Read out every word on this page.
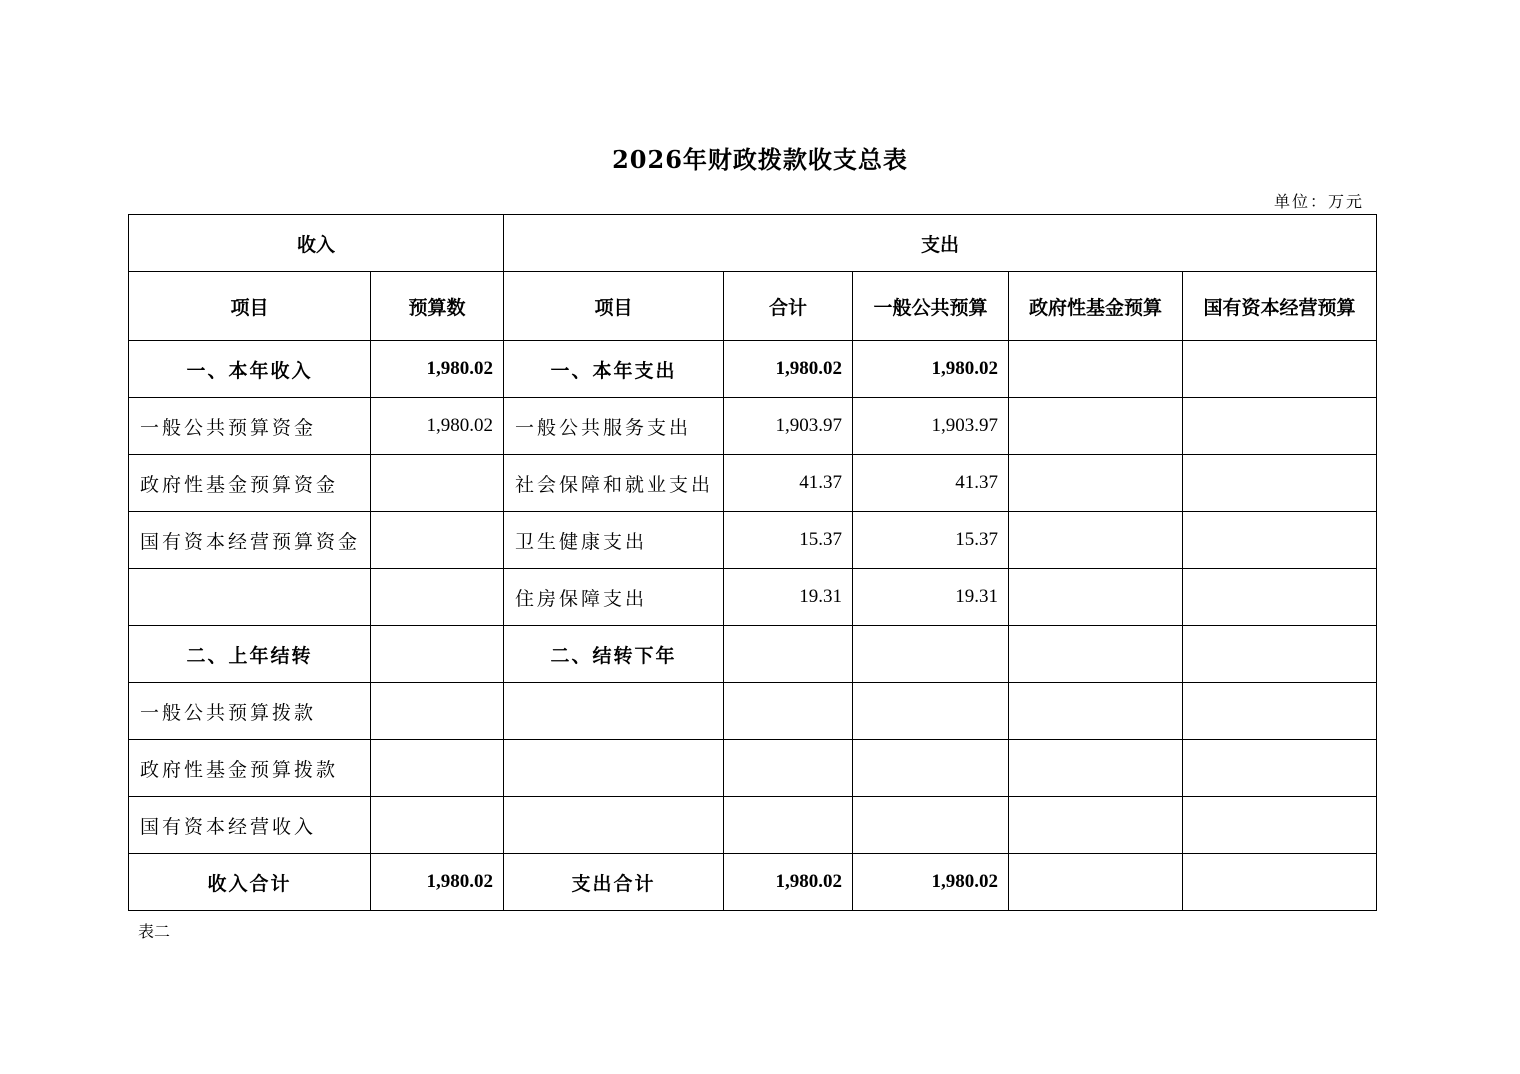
2026年财政拨款收支总表
单位：万元
收入		支出				
项目	预算数	项目	合计	一般公共预算	政府性基金预算	国有资本经营预算
一、本年收入	1,980.02	一、本年支出	1,980.02	1,980.02		
一般公共预算资金	1,980.02	一般公共服务支出	1,903.97	1,903.97		
政府性基金预算资金		社会保障和就业支出	41.37	41.37		
国有资本经营预算资金		卫生健康支出	15.37	15.37		
		住房保障支出	19.31	19.31		
二、上年结转		二、结转下年				
一般公共预算拨款						
政府性基金预算拨款						
国有资本经营收入						
收入合计	1,980.02	支出合计	1,980.02	1,980.02		
表二
